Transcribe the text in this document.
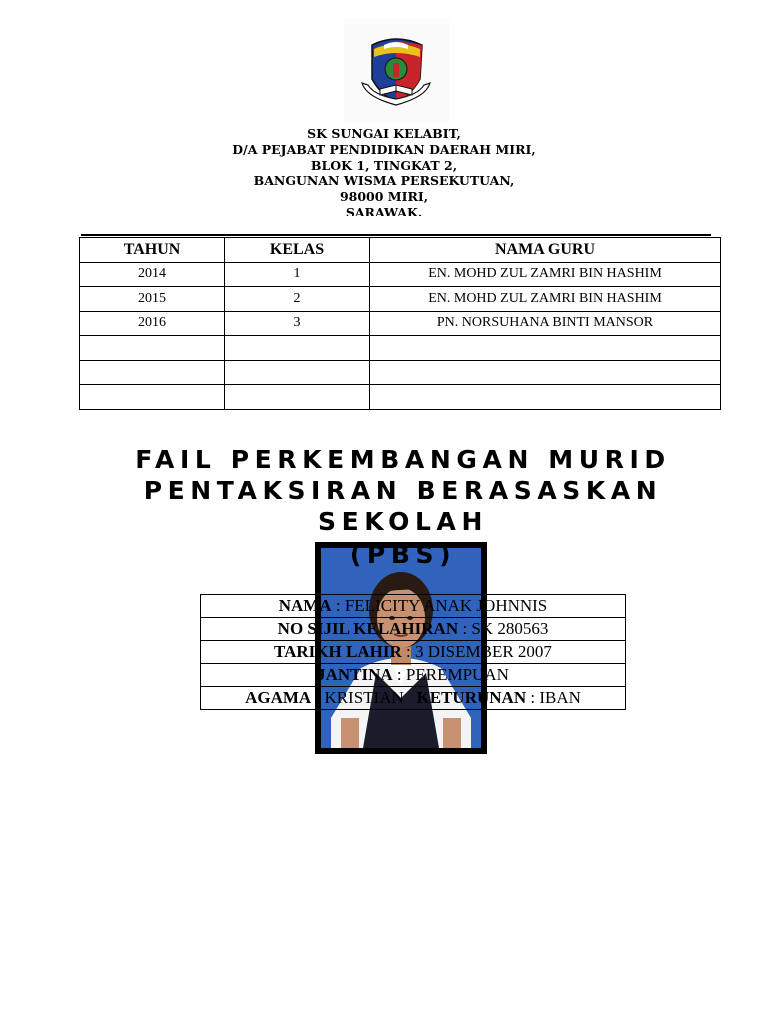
SK SUNGAI KELABIT,
D/A PEJABAT PENDIDIKAN DAERAH MIRI,
BLOK 1, TINGKAT 2,
BANGUNAN WISMA PERSEKUTUAN,
98000 MIRI,
SARAWAK.
TAHUN	KELAS	NAMA GURU
2014	1	EN. MOHD ZUL ZAMRI BIN HASHIM
2015	2	EN. MOHD ZUL ZAMRI BIN HASHIM
2016	3	PN. NORSUHANA BINTI MANSOR

FAIL PERKEMBANGAN MURID
PENTAKSIRAN BERASASKAN
SEKOLAH
(PBS)
NAMA : FELICITY ANAK JOHNNIS
NO SIJIL KELAHIRAN : SK 280563
TARIKH LAHIR : 3 DISEMBER 2007
JANTINA : PEREMPUAN
AGAMA : KRISTIAN KETURUNAN : IBAN
